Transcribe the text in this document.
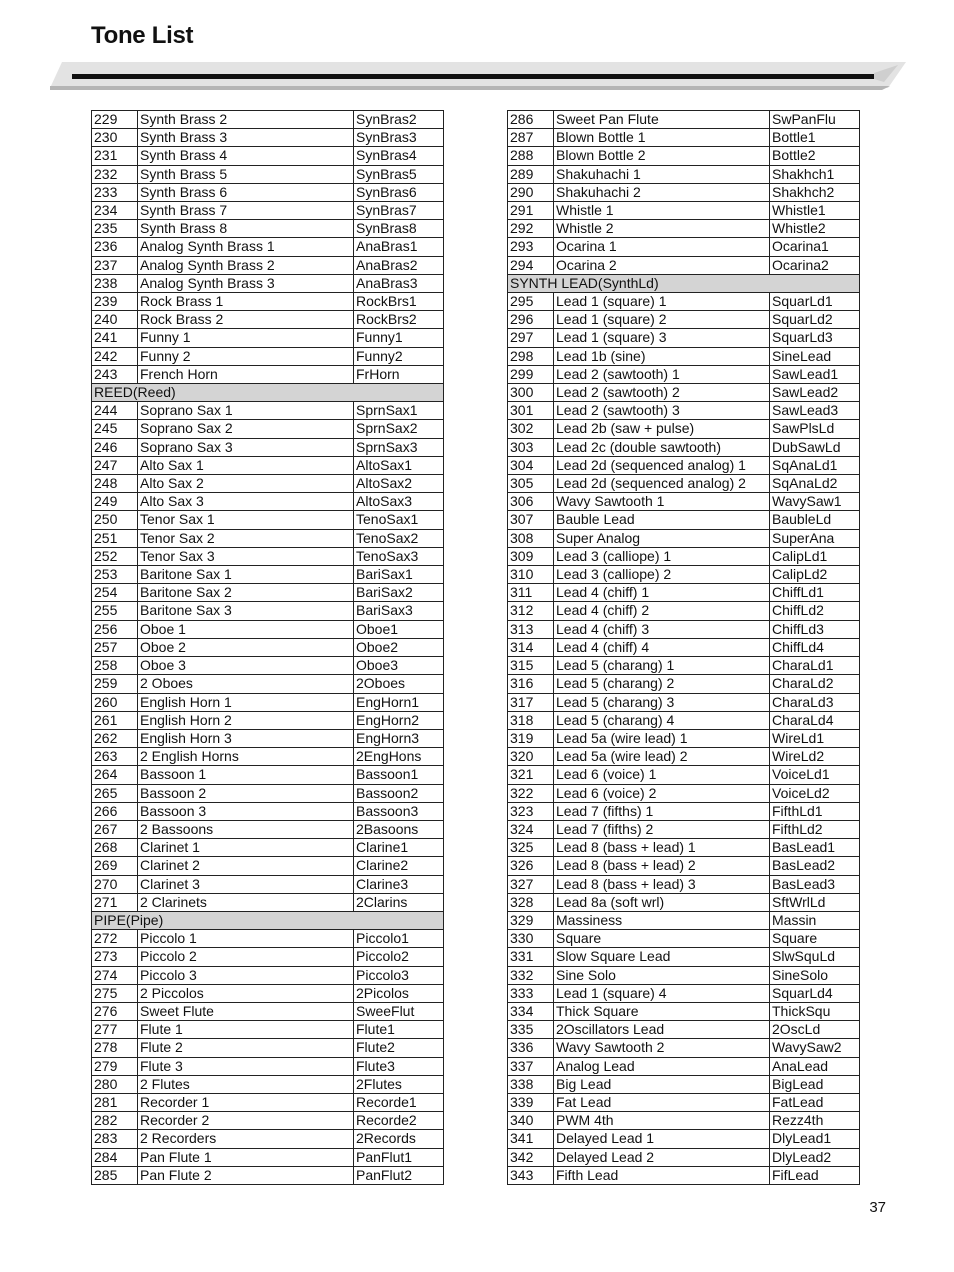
Tone List
229	Synth Brass 2	SynBras2
230	Synth Brass 3	SynBras3
231	Synth Brass 4	SynBras4
232	Synth Brass 5	SynBras5
233	Synth Brass 6	SynBras6
234	Synth Brass 7	SynBras7
235	Synth Brass 8	SynBras8
236	Analog Synth Brass 1	AnaBras1
237	Analog Synth Brass 2	AnaBras2
238	Analog Synth Brass 3	AnaBras3
239	Rock Brass 1	RockBrs1
240	Rock Brass 2	RockBrs2
241	Funny 1	Funny1
242	Funny 2	Funny2
243	French Horn	FrHorn
REED(Reed)		
244	Soprano Sax 1	SprnSax1
245	Soprano Sax 2	SprnSax2
246	Soprano Sax 3	SprnSax3
247	Alto Sax 1	AltoSax1
248	Alto Sax 2	AltoSax2
249	Alto Sax 3	AltoSax3
250	Tenor Sax 1	TenoSax1
251	Tenor Sax 2	TenoSax2
252	Tenor Sax 3	TenoSax3
253	Baritone Sax 1	BariSax1
254	Baritone Sax 2	BariSax2
255	Baritone Sax 3	BariSax3
256	Oboe 1	Oboe1
257	Oboe 2	Oboe2
258	Oboe 3	Oboe3
259	2 Oboes	2Oboes
260	English Horn 1	EngHorn1
261	English Horn 2	EngHorn2
262	English Horn 3	EngHorn3
263	2 English Horns	2EngHons
264	Bassoon 1	Bassoon1
265	Bassoon 2	Bassoon2
266	Bassoon 3	Bassoon3
267	2 Bassoons	2Basoons
268	Clarinet 1	Clarine1
269	Clarinet 2	Clarine2
270	Clarinet 3	Clarine3
271	2 Clarinets	2Clarins
PIPE(Pipe)		
272	Piccolo 1	Piccolo1
273	Piccolo 2	Piccolo2
274	Piccolo 3	Piccolo3
275	2 Piccolos	2Picolos
276	Sweet Flute	SweeFlut
277	Flute 1	Flute1
278	Flute 2	Flute2
279	Flute 3	Flute3
280	2 Flutes	2Flutes
281	Recorder 1	Recorde1
282	Recorder 2	Recorde2
283	2 Recorders	2Records
284	Pan Flute 1	PanFlut1
285	Pan Flute 2	PanFlut2
286	Sweet Pan Flute	SwPanFlu
287	Blown Bottle 1	Bottle1
288	Blown Bottle 2	Bottle2
289	Shakuhachi 1	Shakhch1
290	Shakuhachi 2	Shakhch2
291	Whistle 1	Whistle1
292	Whistle 2	Whistle2
293	Ocarina 1	Ocarina1
294	Ocarina 2	Ocarina2
SYNTH LEAD(SynthLd)		
295	Lead 1 (square) 1	SquarLd1
296	Lead 1 (square) 2	SquarLd2
297	Lead 1 (square) 3	SquarLd3
298	Lead 1b (sine)	SineLead
299	Lead 2 (sawtooth) 1	SawLead1
300	Lead 2 (sawtooth) 2	SawLead2
301	Lead 2 (sawtooth) 3	SawLead3
302	Lead 2b (saw + pulse)	SawPlsLd
303	Lead 2c (double sawtooth)	DubSawLd
304	Lead 2d (sequenced analog) 1	SqAnaLd1
305	Lead 2d (sequenced analog) 2	SqAnaLd2
306	Wavy Sawtooth 1	WavySaw1
307	Bauble Lead	BaubleLd
308	Super Analog	SuperAna
309	Lead 3 (calliope) 1	CalipLd1
310	Lead 3 (calliope) 2	CalipLd2
311	Lead 4 (chiff) 1	ChiffLd1
312	Lead 4 (chiff) 2	ChiffLd2
313	Lead 4 (chiff) 3	ChiffLd3
314	Lead 4 (chiff) 4	ChiffLd4
315	Lead 5 (charang) 1	CharaLd1
316	Lead 5 (charang) 2	CharaLd2
317	Lead 5 (charang) 3	CharaLd3
318	Lead 5 (charang) 4	CharaLd4
319	Lead 5a (wire lead) 1	WireLd1
320	Lead 5a (wire lead) 2	WireLd2
321	Lead 6 (voice) 1	VoiceLd1
322	Lead 6 (voice) 2	VoiceLd2
323	Lead 7 (fifths) 1	FifthLd1
324	Lead 7 (fifths) 2	FifthLd2
325	Lead 8 (bass + lead) 1	BasLead1
326	Lead 8 (bass + lead) 2	BasLead2
327	Lead 8 (bass + lead) 3	BasLead3
328	Lead 8a (soft wrl)	SftWrlLd
329	Massiness	Massin
330	Square	Square
331	Slow Square Lead	SlwSquLd
332	Sine Solo	SineSolo
333	Lead 1 (square) 4	SquarLd4
334	Thick Square	ThickSqu
335	2Oscillators Lead	2OscLd
336	Wavy Sawtooth 2	WavySaw2
337	Analog Lead	AnaLead
338	Big Lead	BigLead
339	Fat Lead	FatLead
340	PWM 4th	Rezz4th
341	Delayed Lead 1	DlyLead1
342	Delayed Lead 2	DlyLead2
343	Fifth Lead	FifLead
37
